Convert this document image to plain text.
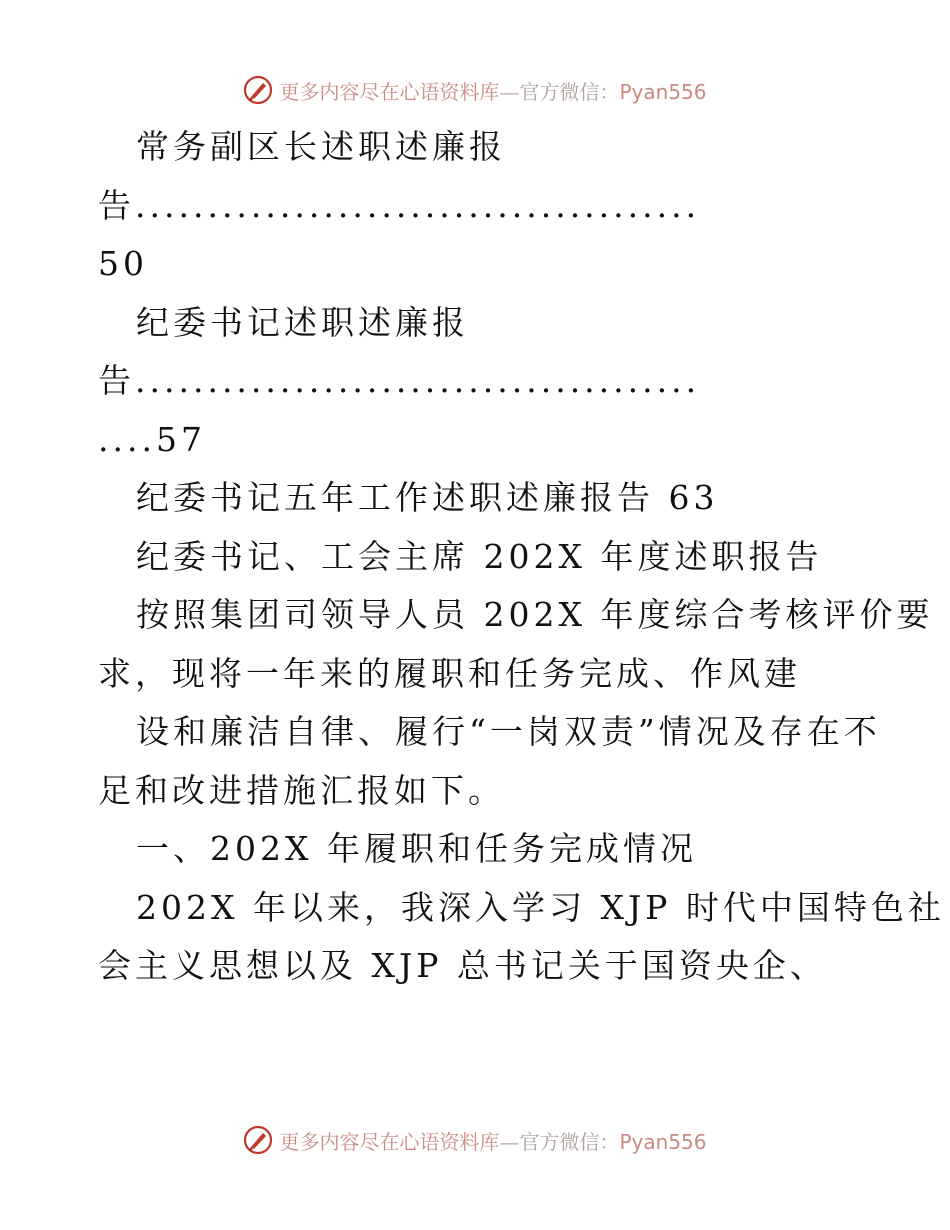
更多内容尽在心语资料库—官方微信：Pyan556
常务副区长述职述廉报
告.......................................
50
纪委书记述职述廉报
告.......................................
....57
纪委书记五年工作述职述廉报告 63
纪委书记、工会主席 202X 年度述职报告
按照集团司领导人员 202X 年度综合考核评价要
求，现将一年来的履职和任务完成、作风建
设和廉洁自律、履行“一岗双责”情况及存在不
足和改进措施汇报如下。
一、202X 年履职和任务完成情况
202X 年以来，我深入学习 XJP 时代中国特色社
会主义思想以及 XJP 总书记关于国资央企、
更多内容尽在心语资料库—官方微信：Pyan556
